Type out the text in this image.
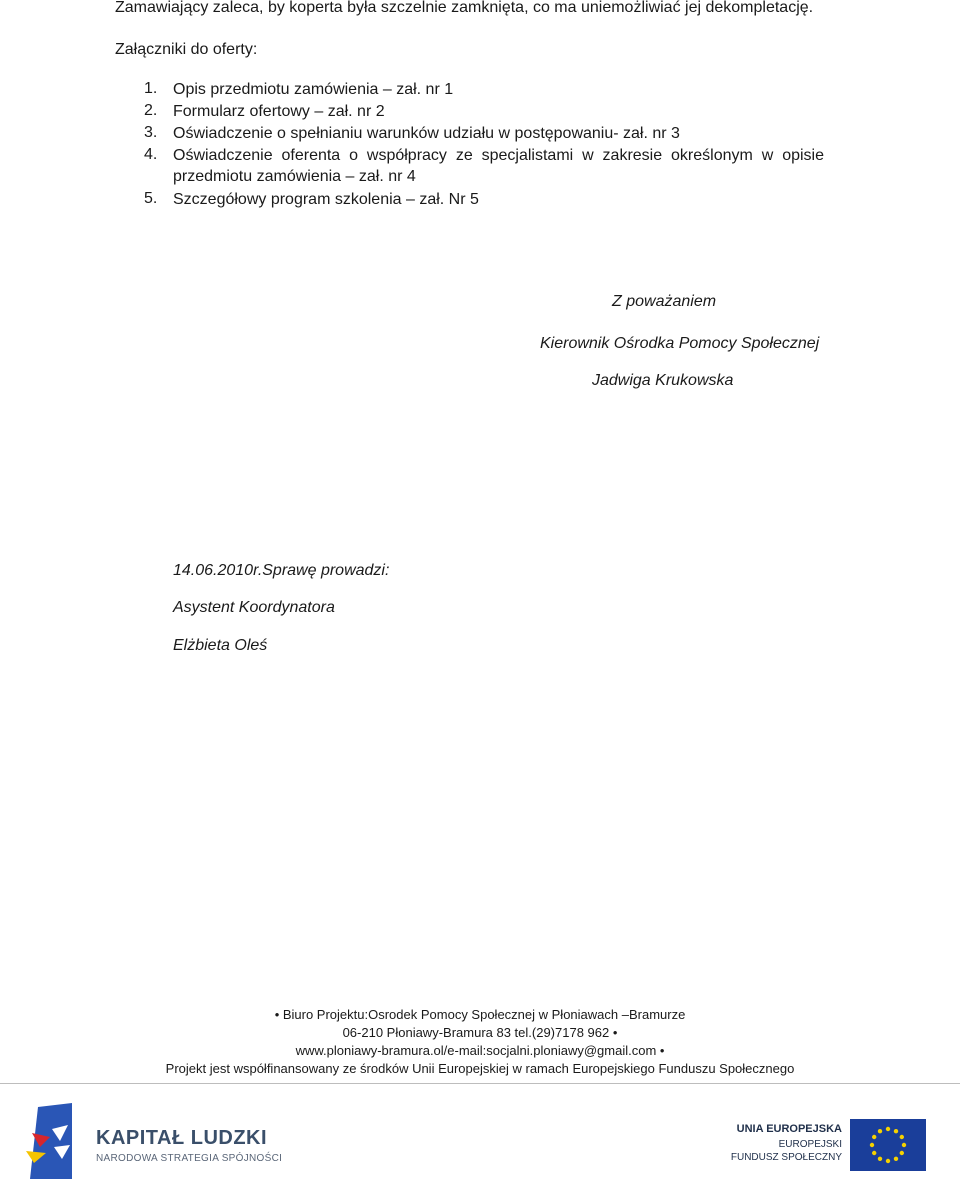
Zamawiający zaleca, by koperta była szczelnie zamknięta, co ma uniemożliwiać jej dekompletację.
Załączniki do oferty:
1. Opis przedmiotu zamówienia – zał. nr 1
2. Formularz ofertowy – zał. nr 2
3. Oświadczenie o spełnianiu warunków udziału w postępowaniu- zał. nr 3
4. Oświadczenie oferenta o współpracy ze specjalistami w zakresie określonym w opisie przedmiotu zamówienia – zał. nr 4
5. Szczegółowy program szkolenia – zał. Nr 5
Z poważaniem
Kierownik Ośrodka Pomocy Społecznej
Jadwiga Krukowska
14.06.2010r.Sprawę prowadzi:
Asystent Koordynatora
Elżbieta Oleś
• Biuro Projektu:Osrodek Pomocy Społecznej w Płoniawach –Bramurze
06-210 Płoniawy-Bramura 83 tel.(29)7178 962 •
www.ploniawy-bramura.ol/e-mail:socjalni.ploniawy@gmail.com •
Projekt jest współfinansowany ze środków Unii Europejskiej w ramach Europejskiego Funduszu Społecznego
KAPITAŁ LUDZKI
NARODOWA STRATEGIA SPÓJNOŚCI
UNIA EUROPEJSKA
EUROPEJSKI
FUNDUSZ SPOŁECZNY
